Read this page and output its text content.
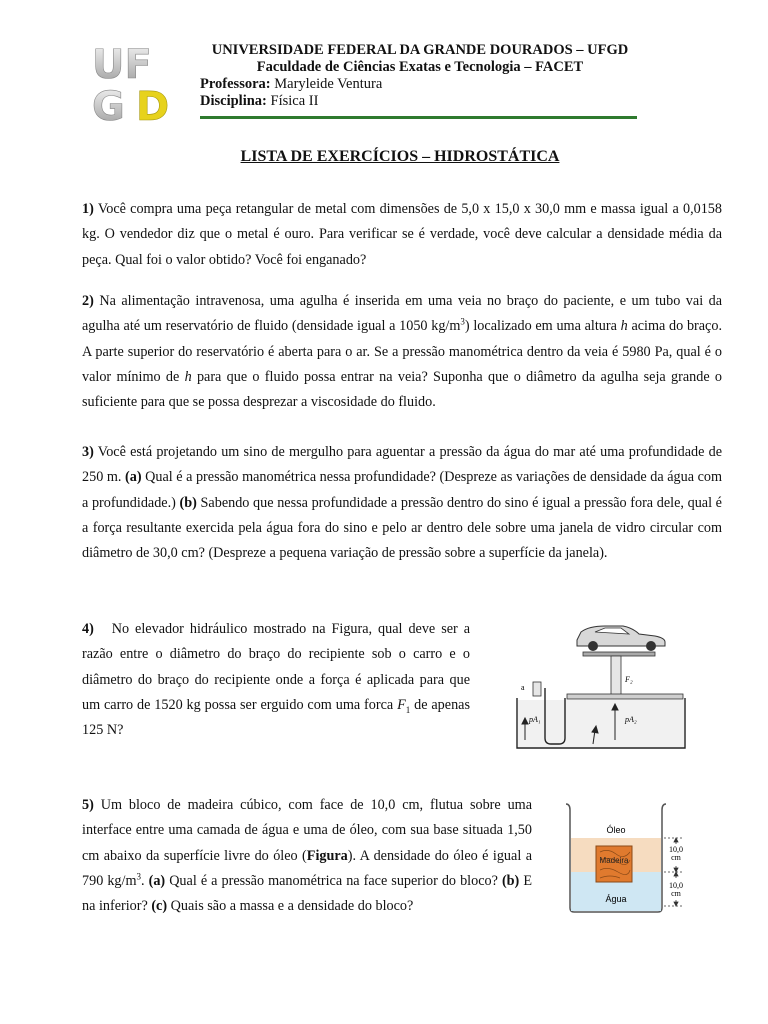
UF
G D
UNIVERSIDADE FEDERAL DA GRANDE DOURADOS – UFGD
Faculdade de Ciências Exatas e Tecnologia – FACET
Professora: Maryleide Ventura
Disciplina: Física II
LISTA DE EXERCÍCIOS – HIDROSTÁTICA

1) Você compra uma peça retangular de metal com dimensões de 5,0 x 15,0 x 30,0 mm e massa igual a 0,0158 kg. O vendedor diz que o metal é ouro. Para verificar se é verdade, você deve calcular a densidade média da peça. Qual foi o valor obtido? Você foi enganado?

2) Na alimentação intravenosa, uma agulha é inserida em uma veia no braço do paciente, e um tubo vai da agulha até um reservatório de fluido (densidade igual a 1050 $kg/m^3$) localizado em uma altura h acima do braço. A parte superior do reservatório é aberta para o ar. Se a pressão manométrica dentro da veia é 5980 Pa, qual é o valor mínimo de h para que o fluido possa entrar na veia? Suponha que o diâmetro da agulha seja grande o suficiente para que se possa desprezar a viscosidade do fluido.

3) Você está projetando um sino de mergulho para aguentar a pressão da água do mar até uma profundidade de 250 m. (a) Qual é a pressão manométrica nessa profundidade? (Despreze as variações de densidade da água com a profundidade.) (b) Sabendo que nessa profundidade a pressão dentro do sino é igual a pressão fora dele, qual é a força resultante exercida pela água fora do sino e pelo ar dentro dele sobre uma janela de vidro circular com diâmetro de 30,0 cm? (Despreze a pequena variação de pressão sobre a superfície da janela).

4) No elevador hidráulico mostrado na Figura, qual deve ser a razão entre o diâmetro do braço do recipiente sob o carro e o diâmetro do braço do recipiente onde a força é aplicada para que um carro de 1520 kg possa ser erguido com uma forca $F_1$ de apenas 125 N?

a
F₂
pA₁	pA₂

5) Um bloco de madeira cúbico, com face de 10,0 cm, flutua sobre uma interface entre uma camada de água e uma de óleo, com sua base situada 1,50 cm abaixo da superfície livre do óleo (Figura). A densidade do óleo é igual a 790 $kg/m^3$. (a) Qual é a pressão manométrica na face superior do bloco? (b) E na inferior? (c) Quais são a massa e a densidade do bloco?

Óleo
Madeira
Água
10,0
cm
10,0
cm
